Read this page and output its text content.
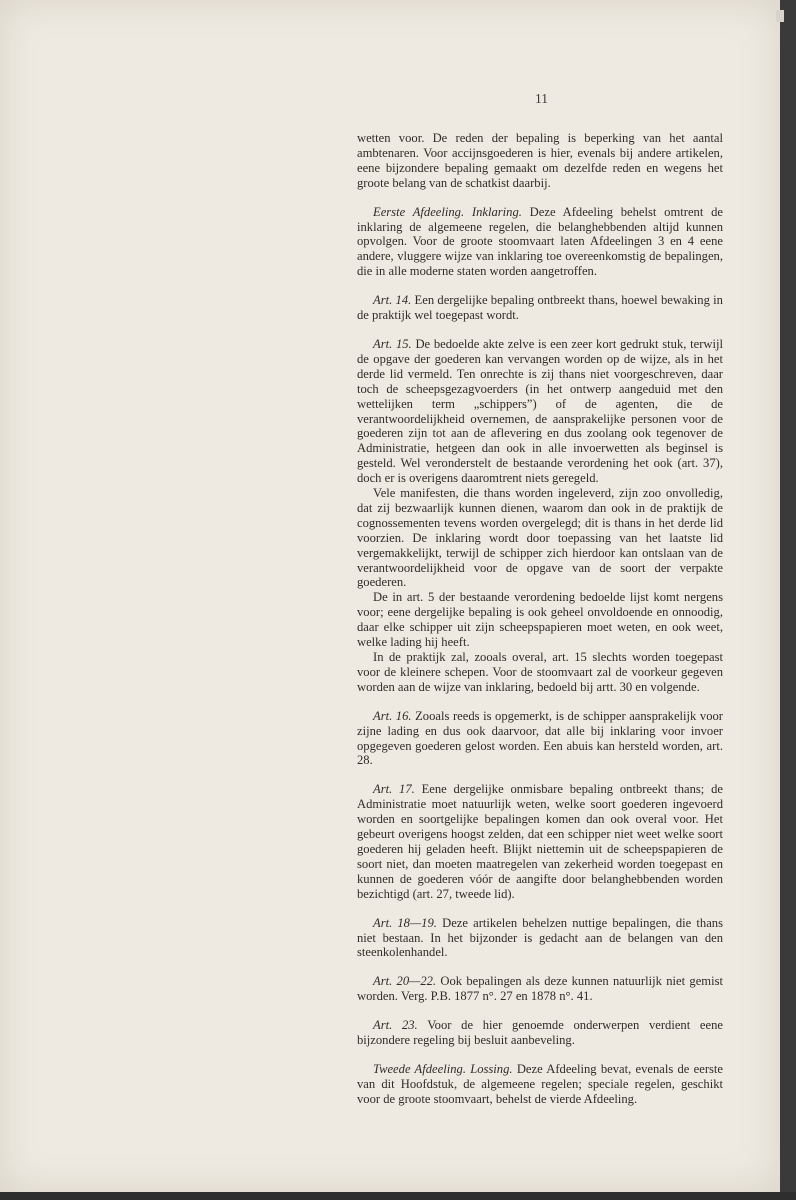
11

wetten voor. De reden der bepaling is beperking van het aantal ambtenaren. Voor accijnsgoederen is hier, evenals bij andere artikelen, eene bijzondere bepaling gemaakt om dezelfde reden en wegens het groote belang van de schatkist daarbij.

Eerste Afdeeling. Inklaring. Deze Afdeeling behelst omtrent de inklaring de algemeene regelen, die belanghebbenden altijd kunnen opvolgen. Voor de groote stoomvaart laten Afdeelingen 3 en 4 eene andere, vluggere wijze van inklaring toe overeenkomstig de bepalingen, die in alle moderne staten worden aangetroffen.

Art. 14. Een dergelijke bepaling ontbreekt thans, hoewel bewaking in de praktijk wel toegepast wordt.

Art. 15. De bedoelde akte zelve is een zeer kort gedrukt stuk, terwijl de opgave der goederen kan vervangen worden op de wijze, als in het derde lid vermeld. Ten onrechte is zij thans niet voorgeschreven, daar toch de scheepsgezagvoerders (in het ontwerp aangeduid met den wettelijken term „schippers”) of de agenten, die de verantwoordelijkheid overnemen, de aansprakelijke personen voor de goederen zijn tot aan de aflevering en dus zoolang ook tegenover de Administratie, hetgeen dan ook in alle invoerwetten als beginsel is gesteld. Wel veronderstelt de bestaande verordening het ook (art. 37), doch er is overigens daaromtrent niets geregeld.

Vele manifesten, die thans worden ingeleverd, zijn zoo onvolledig, dat zij bezwaarlijk kunnen dienen, waarom dan ook in de praktijk de cognossementen tevens worden overgelegd; dit is thans in het derde lid voorzien. De inklaring wordt door toepassing van het laatste lid vergemakkelijkt, terwijl de schipper zich hierdoor kan ontslaan van de verantwoordelijkheid voor de opgave van de soort der verpakte goederen.

De in art. 5 der bestaande verordening bedoelde lijst komt nergens voor; eene dergelijke bepaling is ook geheel onvoldoende en onnoodig, daar elke schipper uit zijn scheepspapieren moet weten, en ook weet, welke lading hij heeft.

In de praktijk zal, zooals overal, art. 15 slechts worden toegepast voor de kleinere schepen. Voor de stoomvaart zal de voorkeur gegeven worden aan de wijze van inklaring, bedoeld bij artt. 30 en volgende.

Art. 16. Zooals reeds is opgemerkt, is de schipper aansprakelijk voor zijne lading en dus ook daarvoor, dat alle bij inklaring voor invoer opgegeven goederen gelost worden. Een abuis kan hersteld worden, art. 28.

Art. 17. Eene dergelijke onmisbare bepaling ontbreekt thans; de Administratie moet natuurlijk weten, welke soort goederen ingevoerd worden en soortgelijke bepalingen komen dan ook overal voor. Het gebeurt overigens hoogst zelden, dat een schipper niet weet welke soort goederen hij geladen heeft. Blijkt niettemin uit de scheepspapieren de soort niet, dan moeten maatregelen van zekerheid worden toegepast en kunnen de goederen vóór de aangifte door belanghebbenden worden bezichtigd (art. 27, tweede lid).

Art. 18—19. Deze artikelen behelzen nuttige bepalingen, die thans niet bestaan. In het bijzonder is gedacht aan de belangen van den steenkolenhandel.

Art. 20—22. Ook bepalingen als deze kunnen natuurlijk niet gemist worden. Verg. P.B. 1877 n°. 27 en 1878 n°. 41.

Art. 23. Voor de hier genoemde onderwerpen verdient eene bijzondere regeling bij besluit aanbeveling.

Tweede Afdeeling. Lossing. Deze Afdeeling bevat, evenals de eerste van dit Hoofdstuk, de algemeene regelen; speciale regelen, geschikt voor de groote stoomvaart, behelst de vierde Afdeeling.
